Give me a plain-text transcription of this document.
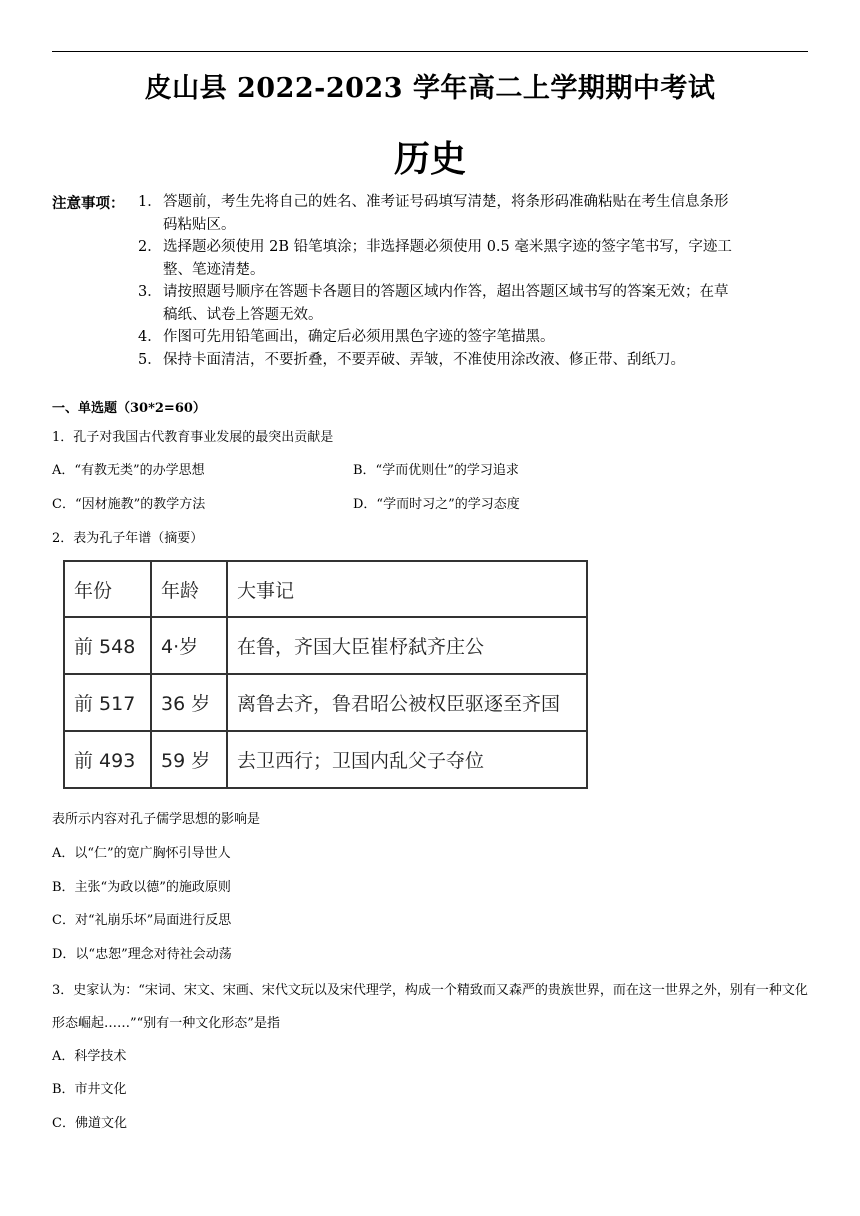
皮山县 2022-2023 学年高二上学期期中考试
历史
注意事项： 1． 答题前，考生先将自己的姓名、准考证号码填写清楚，将条形码准确粘贴在考生信息条形码粘贴区。
2． 选择题必须使用 2B 铅笔填涂；非选择题必须使用 0.5 毫米黑字迹的签字笔书写，字迹工整、笔迹清楚。
3． 请按照题号顺序在答题卡各题目的答题区域内作答，超出答题区域书写的答案无效；在草稿纸、试卷上答题无效。
4． 作图可先用铅笔画出，确定后必须用黑色字迹的签字笔描黑。
5． 保持卡面清洁，不要折叠，不要弄破、弄皱，不准使用涂改液、修正带、刮纸刀。
一、单选题（30*2=60）
1．孔子对我国古代教育事业发展的最突出贡献是
A．“有教无类”的办学思想	B．“学而优则仕”的学习追求
C．“因材施教”的教学方法	D．“学而时习之”的学习态度
2．表为孔子年谱（摘要）
年份	年龄	大事记
前 548	4·岁	在鲁，齐国大臣崔杼弑齐庄公
前 517	36 岁	离鲁去齐，鲁君昭公被权臣驱逐至齐国
前 493	59 岁	去卫西行；卫国内乱父子夺位
表所示内容对孔子儒学思想的影响是
A．以“仁”的宽广胸怀引导世人
B．主张“为政以德”的施政原则
C．对“礼崩乐坏”局面进行反思
D．以“忠恕”理念对待社会动荡
3．史家认为：“宋词、宋文、宋画、宋代文玩以及宋代理学，构成一个精致而又森严的贵族世界，而在这一世界之外，别有一种文化形态崛起……”“别有一种文化形态”是指
A．科学技术
B．市井文化
C．佛道文化
